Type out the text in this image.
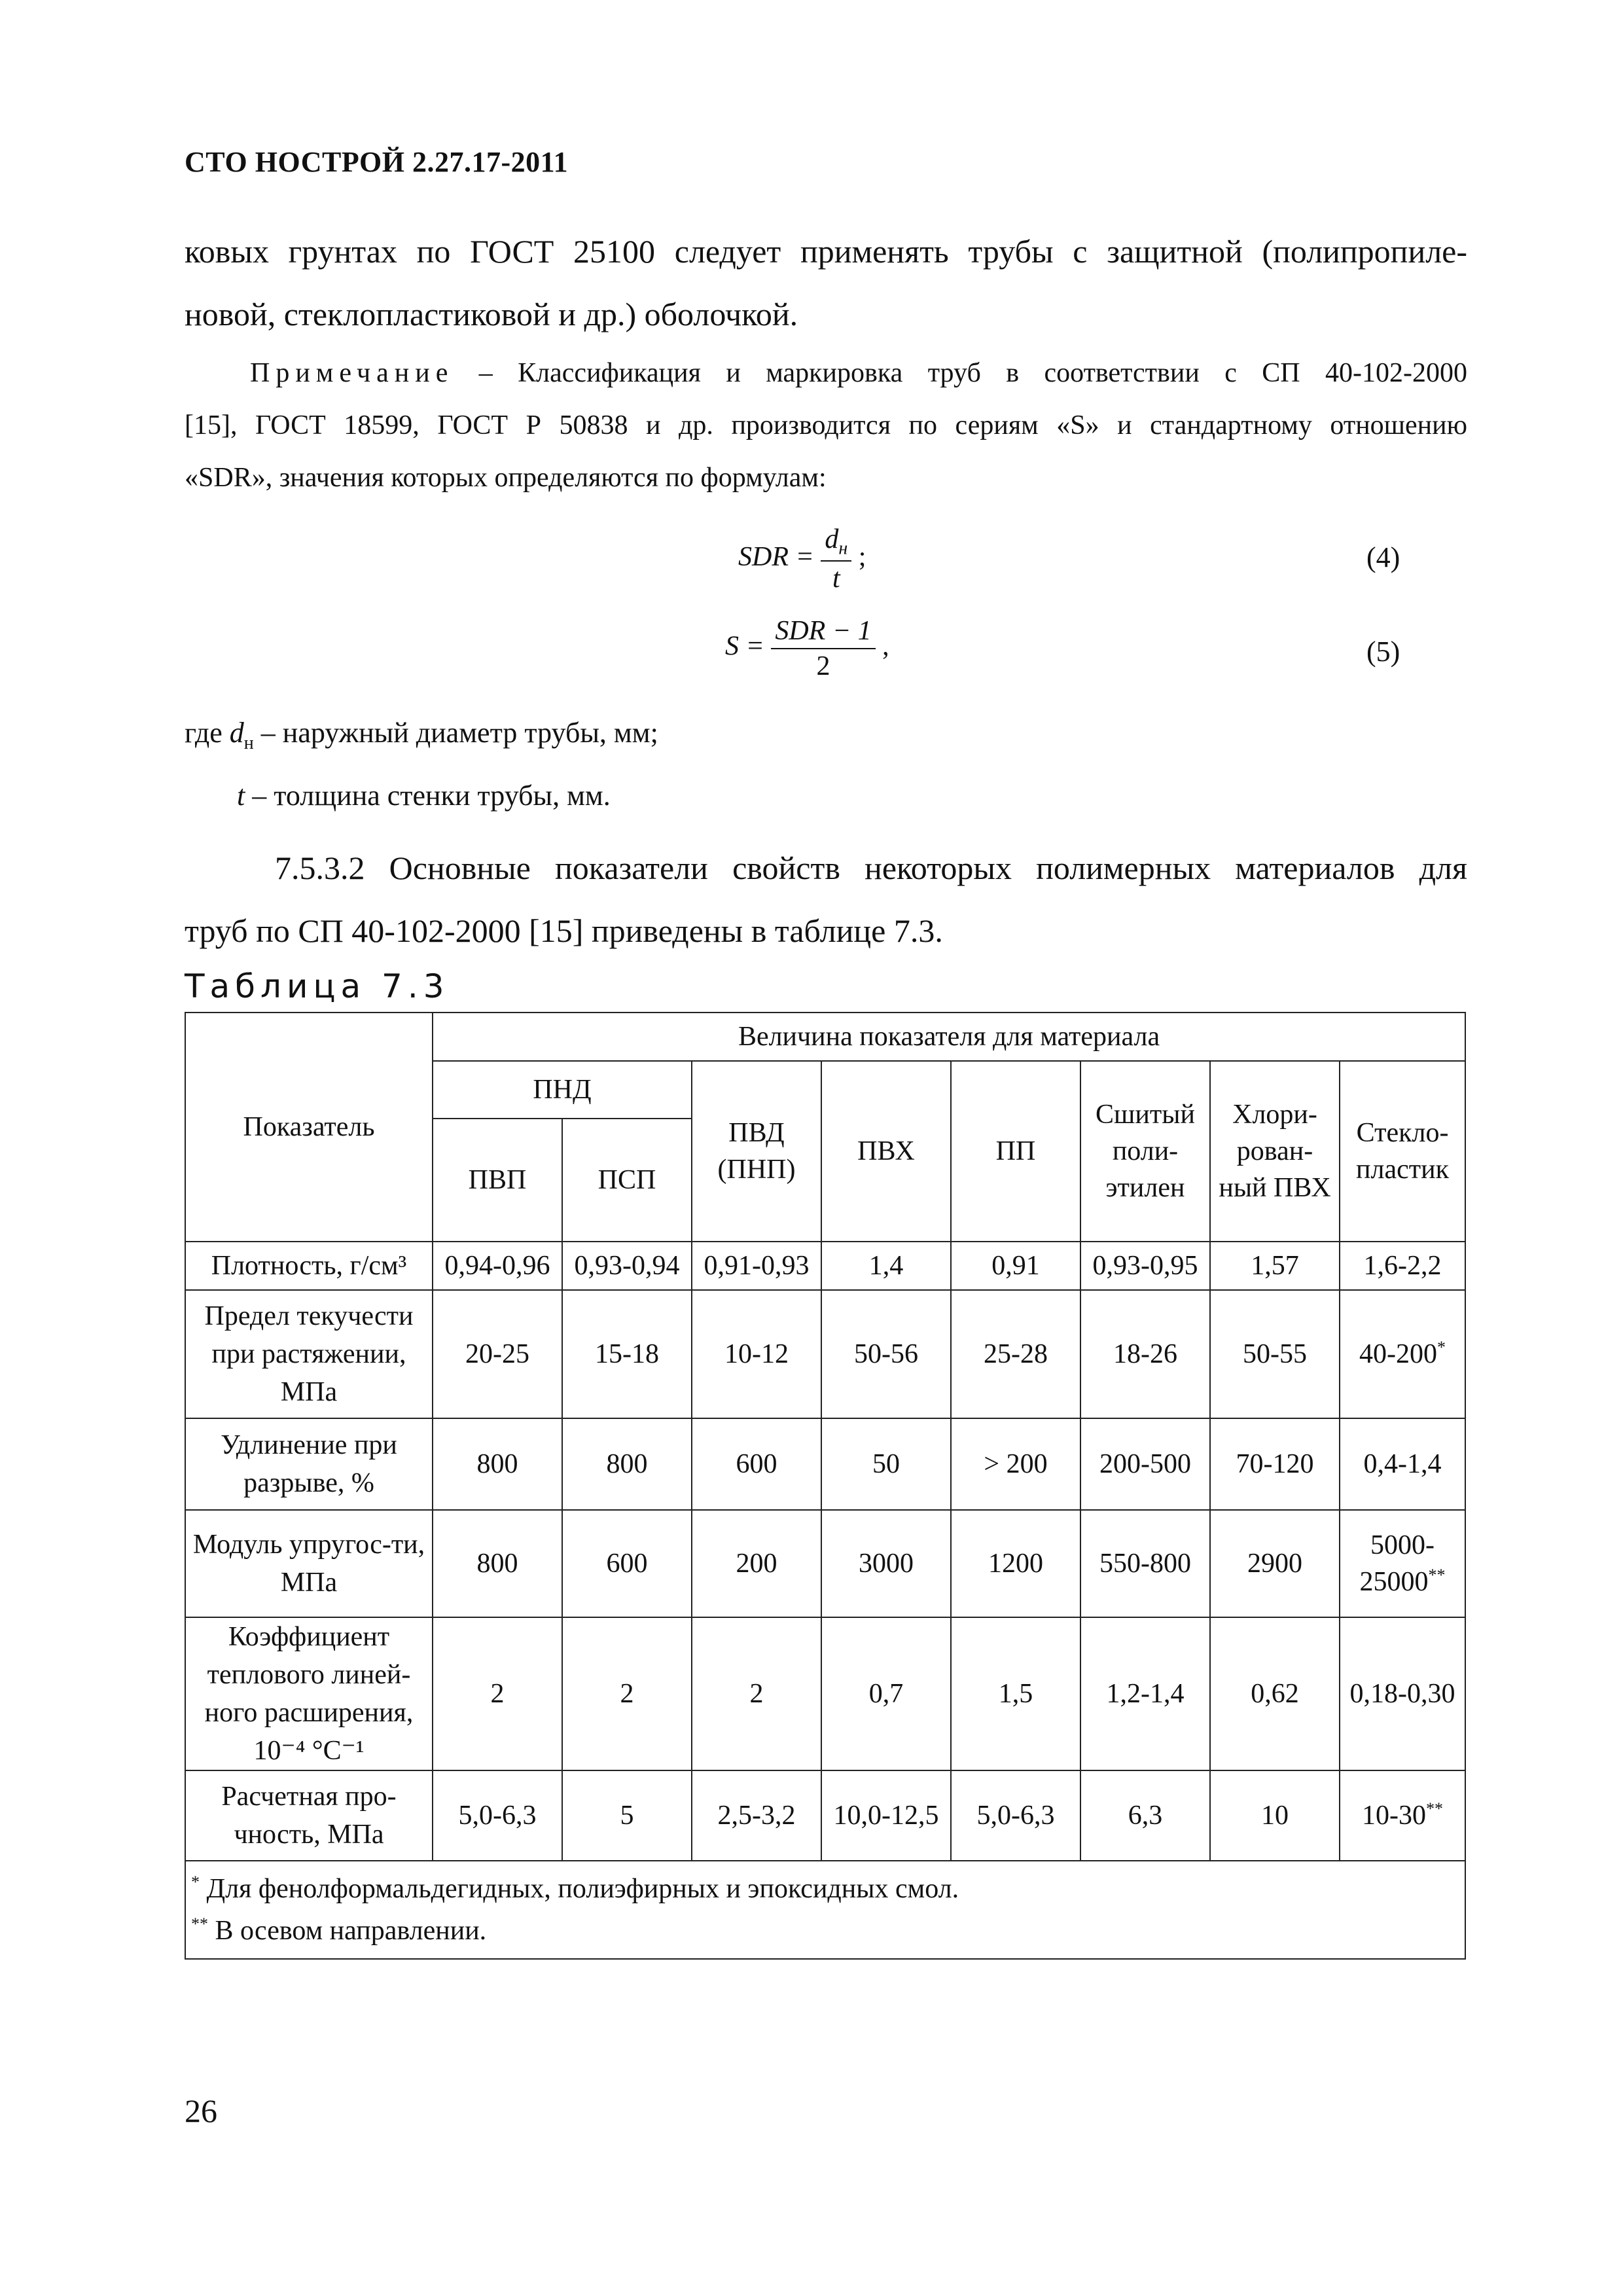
СТО НОСТРОЙ 2.27.17-2011
ковых грунтах по ГОСТ 25100 следует применять трубы с защитной (полипропиле-
новой, стеклопластиковой и др.) оболочкой.
Примечание – Классификация и маркировка труб в соответствии с СП 40-102-2000
[15], ГОСТ 18599, ГОСТ Р 50838 и др. производится по сериям «S» и стандартному отношению
«SDR», значения которых определяются по формулам:
SDR = $\frac{d_н}{t}$ ;	(4)
$S = \frac{\text{SDR − 1}}{2}$ ,	(5)
где $d_н$ – наружный диаметр трубы, мм;
t – толщина стенки трубы, мм.
7.5.3.2 Основные показатели свойств некоторых полимерных материалов для
труб по СП 40-102-2000 [15] приведены в таблице 7.3.
Таблица 7.3
Показатель	Величина показателя для материала							
	ПНД		ПВД (ПНП)	ПВХ	ПП	Сшитый поли-этилен	Хлори-рован-ный ПВХ	Стекло-пластик
	ПВП	ПСП						
Плотность, г/см³	0,94-0,96	0,93-0,94	0,91-0,93	1,4	0,91	0,93-0,95	1,57	1,6-2,2
Предел текучести при растяжении, МПа	20-25	15-18	10-12	50-56	25-28	18-26	50-55	40-200*
Удлинение при разрыве, %	800	800	600	50	> 200	200-500	70-120	0,4-1,4
Модуль упругос-ти, МПа	800	600	200	3000	1200	550-800	2900	5000-25000**
Коэффициент теплового линей-ного расширения, 10⁻⁴ °С⁻¹	2	2	2	0,7	1,5	1,2-1,4	0,62	0,18-0,30
Расчетная про-чность, МПа	5,0-6,3	5	2,5-3,2	10,0-12,5	5,0-6,3	6,3	10	10-30**

* Для фенолформальдегидных, полиэфирных и эпоксидных смол.
** В осевом направлении.								
26
